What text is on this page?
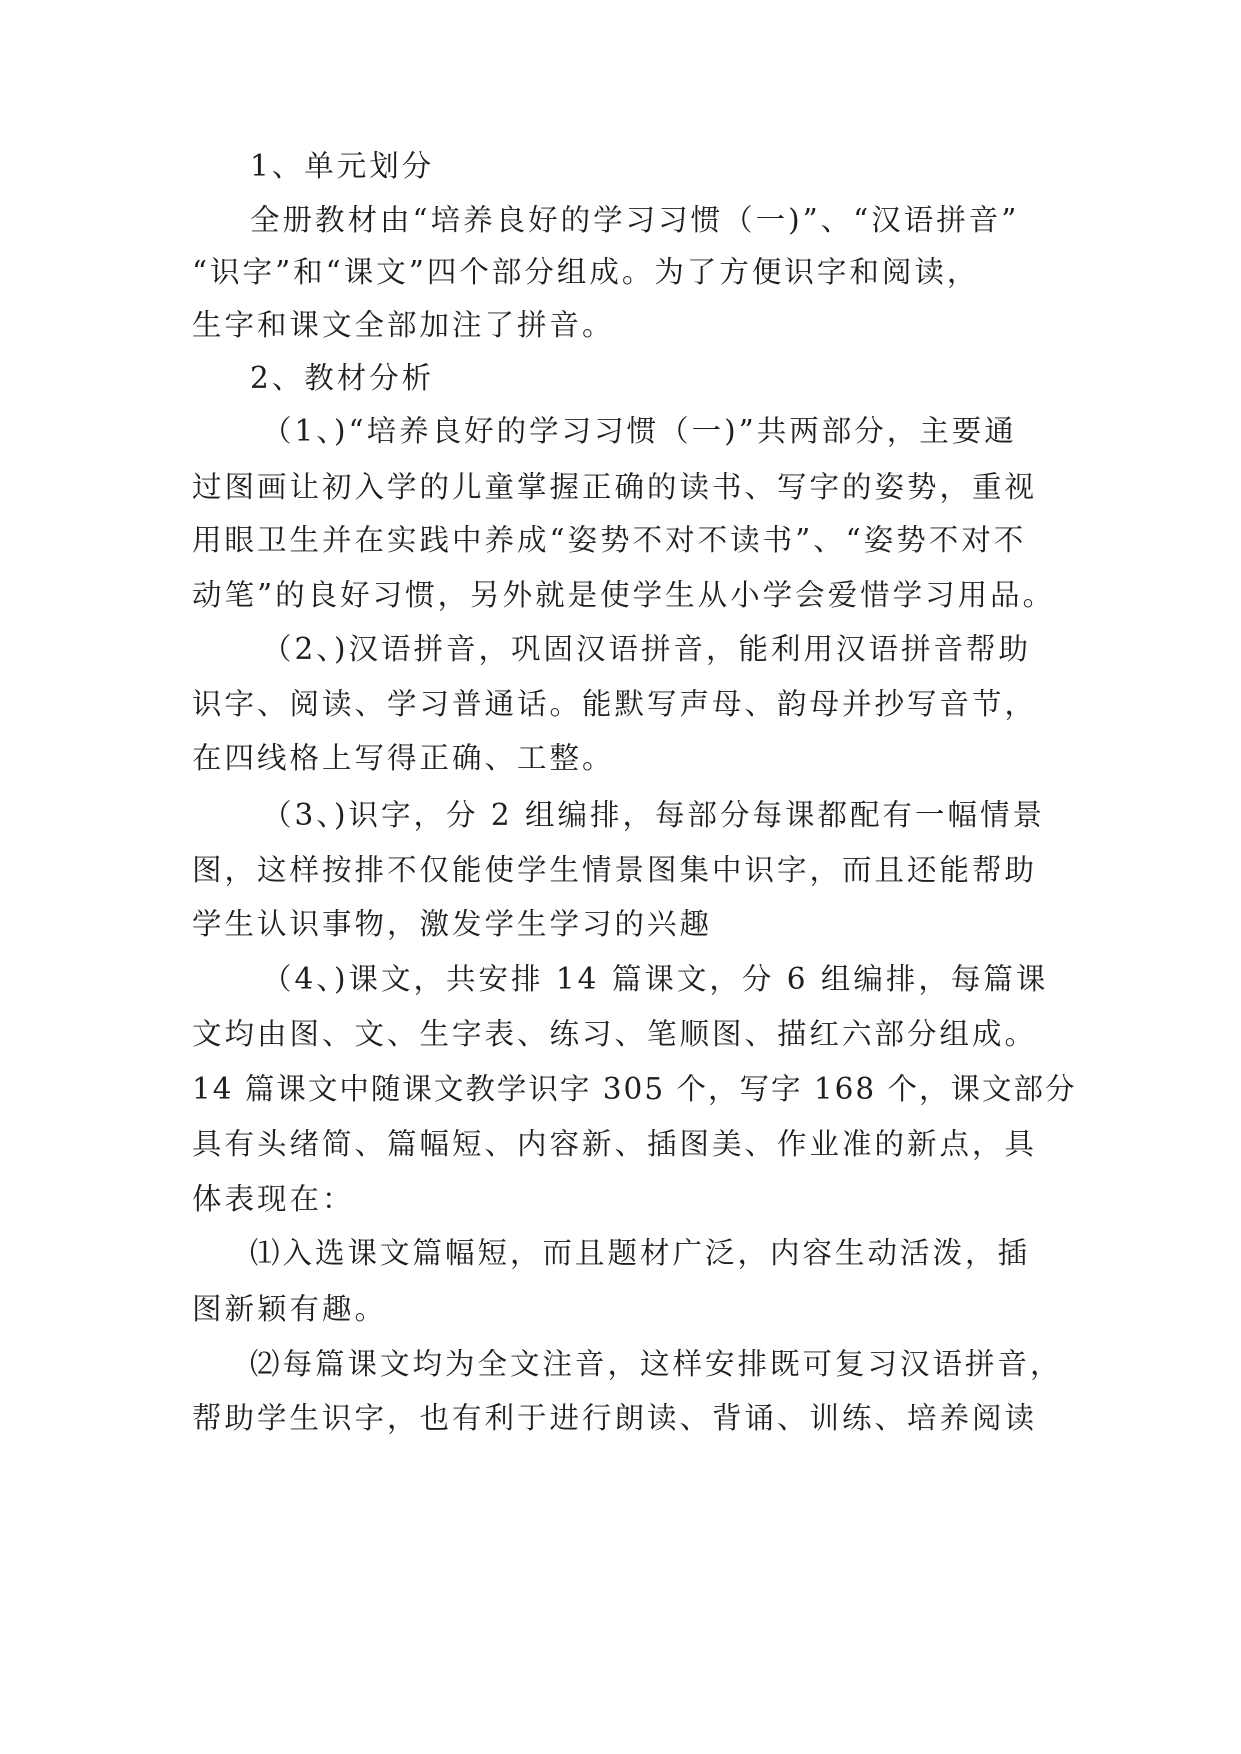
1、单元划分
全册教材由“培养良好的学习习惯（一)”、“汉语拼音”
“识字”和“课文”四个部分组成。为了方便识字和阅读，
生字和课文全部加注了拼音。
2、教材分析
（1、)“培养良好的学习习惯（一)”共两部分，主要通
过图画让初入学的儿童掌握正确的读书、写字的姿势，重视
用眼卫生并在实践中养成“姿势不对不读书”、“姿势不对不
动笔”的良好习惯，另外就是使学生从小学会爱惜学习用品。
（2、)汉语拼音，巩固汉语拼音，能利用汉语拼音帮助
识字、阅读、学习普通话。能默写声母、韵母并抄写音节，
在四线格上写得正确、工整。
（3、)识字，分 2 组编排，每部分每课都配有一幅情景
图，这样按排不仅能使学生情景图集中识字，而且还能帮助
学生认识事物，激发学生学习的兴趣
（4、)课文，共安排 14 篇课文，分 6 组编排，每篇课
文均由图、文、生字表、练习、笔顺图、描红六部分组成。
14 篇课文中随课文教学识字 305 个，写字 168 个，课文部分
具有头绪简、篇幅短、内容新、插图美、作业准的新点，具
体表现在：
⑴入选课文篇幅短，而且题材广泛，内容生动活泼，插
图新颖有趣。
⑵每篇课文均为全文注音，这样安排既可复习汉语拼音，
帮助学生识字，也有利于进行朗读、背诵、训练、培养阅读
